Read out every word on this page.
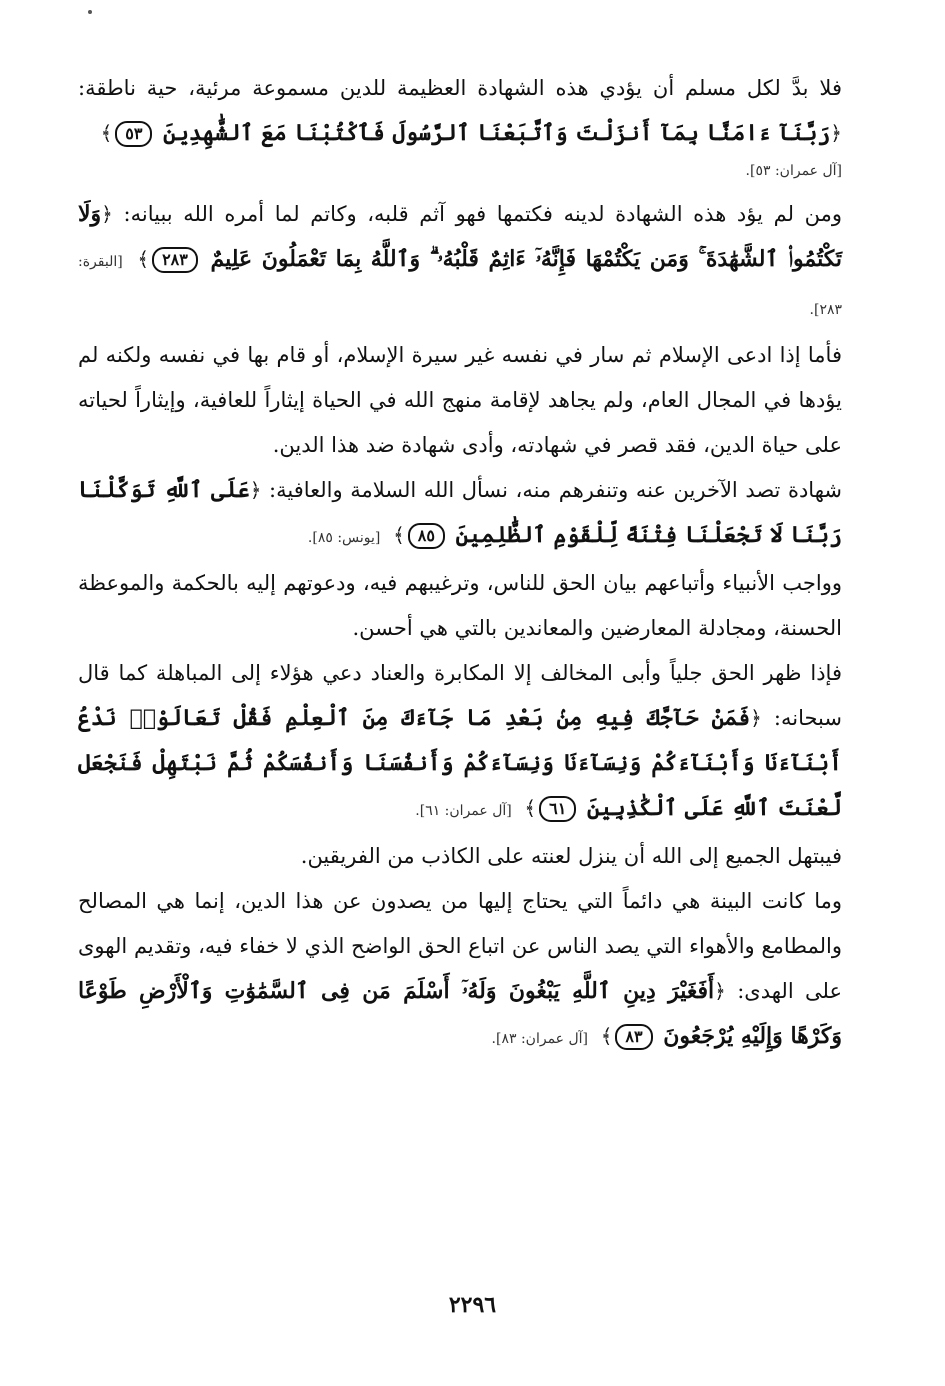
فلا بدَّ لكل مسلم أن يؤدي هذه الشهادة العظيمة للدين مسموعة مرئية، حية ناطقة: ﴿رَبَّنَآ ءَامَنَّا بِمَآ أَنزَلْتَ وَٱتَّبَعْنَا ٱلرَّسُولَ فَٱكْتُبْنَا مَعَ ٱلشَّٰهِدِينَ ٥٣﴾
[آل عمران: ٥٣].

ومن لم يؤد هذه الشهادة لدينه فكتمها فهو آثم قلبه، وكاتم لما أمره الله ببيانه: ﴿وَلَا تَكْتُمُوا۟ ٱلشَّهَٰدَةَ ۚ وَمَن يَكْتُمْهَا فَإِنَّهُۥٓ ءَاثِمٌ قَلْبُهُۥ ۗ وَٱللَّهُ بِمَا تَعْمَلُونَ عَلِيمٌ ٢٨٣﴾ [البقرة: ٢٨٣].

فأما إذا ادعى الإسلام ثم سار في نفسه غير سيرة الإسلام، أو قام بها في نفسه ولكنه لم يؤدها في المجال العام، ولم يجاهد لإقامة منهج الله في الحياة إيثاراً للعافية، وإيثاراً لحياته على حياة الدين، فقد قصر في شهادته، وأدى شهادة ضد هذا الدين.

شهادة تصد الآخرين عنه وتنفرهم منه، نسأل الله السلامة والعافية: ﴿عَلَى ٱللَّهِ تَوَكَّلْنَا رَبَّنَا لَا تَجْعَلْنَا فِتْنَةً لِّلْقَوْمِ ٱلظَّٰلِمِينَ ٨٥﴾ [يونس: ٨٥].

وواجب الأنبياء وأتباعهم بيان الحق للناس، وترغيبهم فيه، ودعوتهم إليه بالحكمة والموعظة الحسنة، ومجادلة المعارضين والمعاندين بالتي هي أحسن.

فإذا ظهر الحق جلياً وأبى المخالف إلا المكابرة والعناد دعي هؤلاء إلى المباهلة كما قال سبحانه: ﴿فَمَنْ حَآجَّكَ فِيهِ مِنۢ بَعْدِ مَا جَآءَكَ مِنَ ٱلْعِلْمِ فَقُلْ تَعَالَوْا۟ نَدْعُ أَبْنَآءَنَا وَأَبْنَآءَكُمْ وَنِسَآءَنَا وَنِسَآءَكُمْ وَأَنفُسَنَا وَأَنفُسَكُمْ ثُمَّ نَبْتَهِلْ فَنَجْعَل لَّعْنَتَ ٱللَّهِ عَلَى ٱلْكَٰذِبِينَ ٦١﴾ [آل عمران: ٦١].

فيبتهل الجميع إلى الله أن ينزل لعنته على الكاذب من الفريقين.

وما كانت البينة هي دائماً التي يحتاج إليها من يصدون عن هذا الدين، إنما هي المصالح والمطامع والأهواء التي يصد الناس عن اتباع الحق الواضح الذي لا خفاء فيه، وتقديم الهوى على الهدى: ﴿أَفَغَيْرَ دِينِ ٱللَّهِ يَبْغُونَ وَلَهُۥٓ أَسْلَمَ مَن فِى ٱلسَّمَٰوَٰتِ وَٱلْأَرْضِ طَوْعًا وَكَرْهًا وَإِلَيْهِ يُرْجَعُونَ ٨٣﴾ [آل عمران: ٨٣].

٢٢٩٦
